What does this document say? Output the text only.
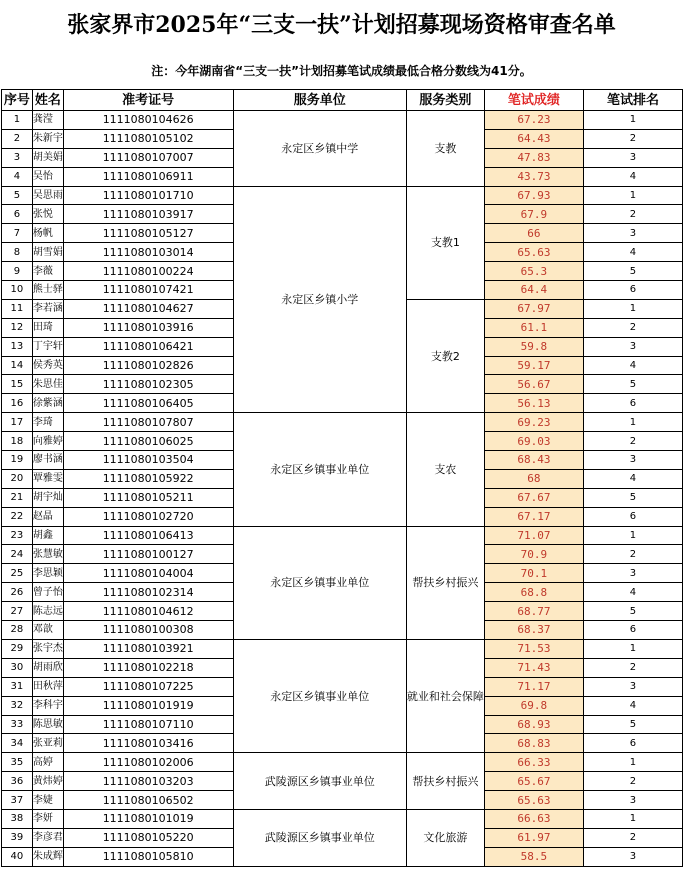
张家界市2025年“三支一扶”计划招募现场资格审查名单
注：今年湖南省“三支一扶”计划招募笔试成绩最低合格分数线为41分。
序号	姓名	准考证号	服务单位	服务类别	笔试成绩	笔试排名
1	龚滢	1111080104626	永定区乡镇中学	支教	67.23	1
2	朱新宇	1111080105102			64.43	2
3	胡美娟	1111080107007			47.83	3
4	吴怡	1111080106911			43.73	4
5	吴思雨	1111080101710	永定区乡镇小学	支教1	67.93	1
6	张悦	1111080103917			67.9	2
7	杨帆	1111080105127			66	3
8	胡雪娟	1111080103014			65.63	4
9	李薇	1111080100224			65.3	5
10	熊士驿	1111080107421			64.4	6
11	李若涵	1111080104627		支教2	67.97	1
12	田琦	1111080103916			61.1	2
13	丁宇轩	1111080106421			59.8	3
14	侯秀英	1111080102826			59.17	4
15	朱思佳	1111080102305			56.67	5
16	徐紫涵	1111080106405			56.13	6
17	李琦	1111080107807	永定区乡镇事业单位	支农	69.23	1
18	向雅婷	1111080106025			69.03	2
19	廖书涵	1111080103504			68.43	3
20	覃雅雯	1111080105922			68	4
21	胡宇灿	1111080105211			67.67	5
22	赵晶	1111080102720			67.17	6
23	胡鑫	1111080106413	永定区乡镇事业单位	帮扶乡村振兴	71.07	1
24	张慧敏	1111080100127			70.9	2
25	李思颖	1111080104004			70.1	3
26	曾子怡	1111080102314			68.8	4
27	陈志远	1111080104612			68.77	5
28	邓歆	1111080100308			68.37	6
29	张宇杰	1111080103921	永定区乡镇事业单位	就业和社会保障	71.53	1
30	胡雨欣	1111080102218			71.43	2
31	田秋萍	1111080107225			71.17	3
32	李科宇	1111080101919			69.8	4
33	陈思敏	1111080107110			68.93	5
34	张亚莉	1111080103416			68.83	6
35	高婷	1111080102006	武陵源区乡镇事业单位	帮扶乡村振兴	66.33	1
36	黄炜婷	1111080103203			65.67	2
37	李婕	1111080106502			65.63	3
38	李妍	1111080101019	武陵源区乡镇事业单位	文化旅游	66.63	1
39	李彦君	1111080105220			61.97	2
40	朱成辉	1111080105810			58.5	3
